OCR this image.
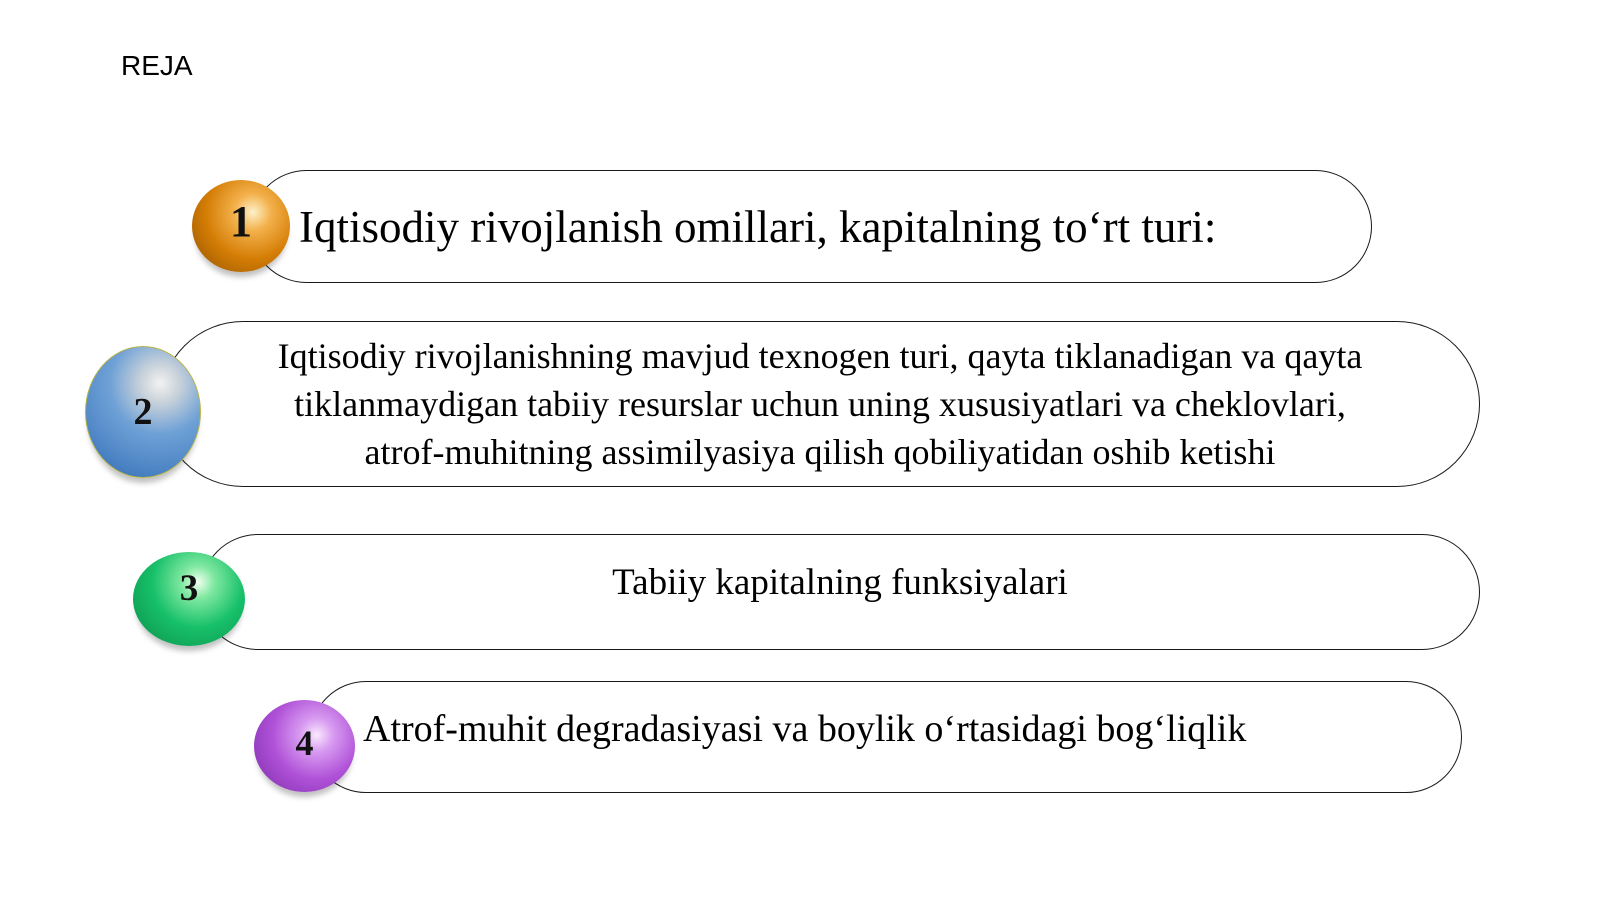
REJA
Iqtisodiy rivojlanish omillari, kapitalning to‘rt turi:
1
Iqtisodiy rivojlanishning mavjud texnogen turi, qayta tiklanadigan va qayta
tiklanmaydigan tabiiy resurslar uchun uning xususiyatlari va cheklovlari,
atrof-muhitning assimilyasiya qilish qobiliyatidan oshib ketishi
2
Tabiiy kapitalning funksiyalari
3
Atrof-muhit degradasiyasi va boylik o‘rtasidagi bog‘liqlik
4
